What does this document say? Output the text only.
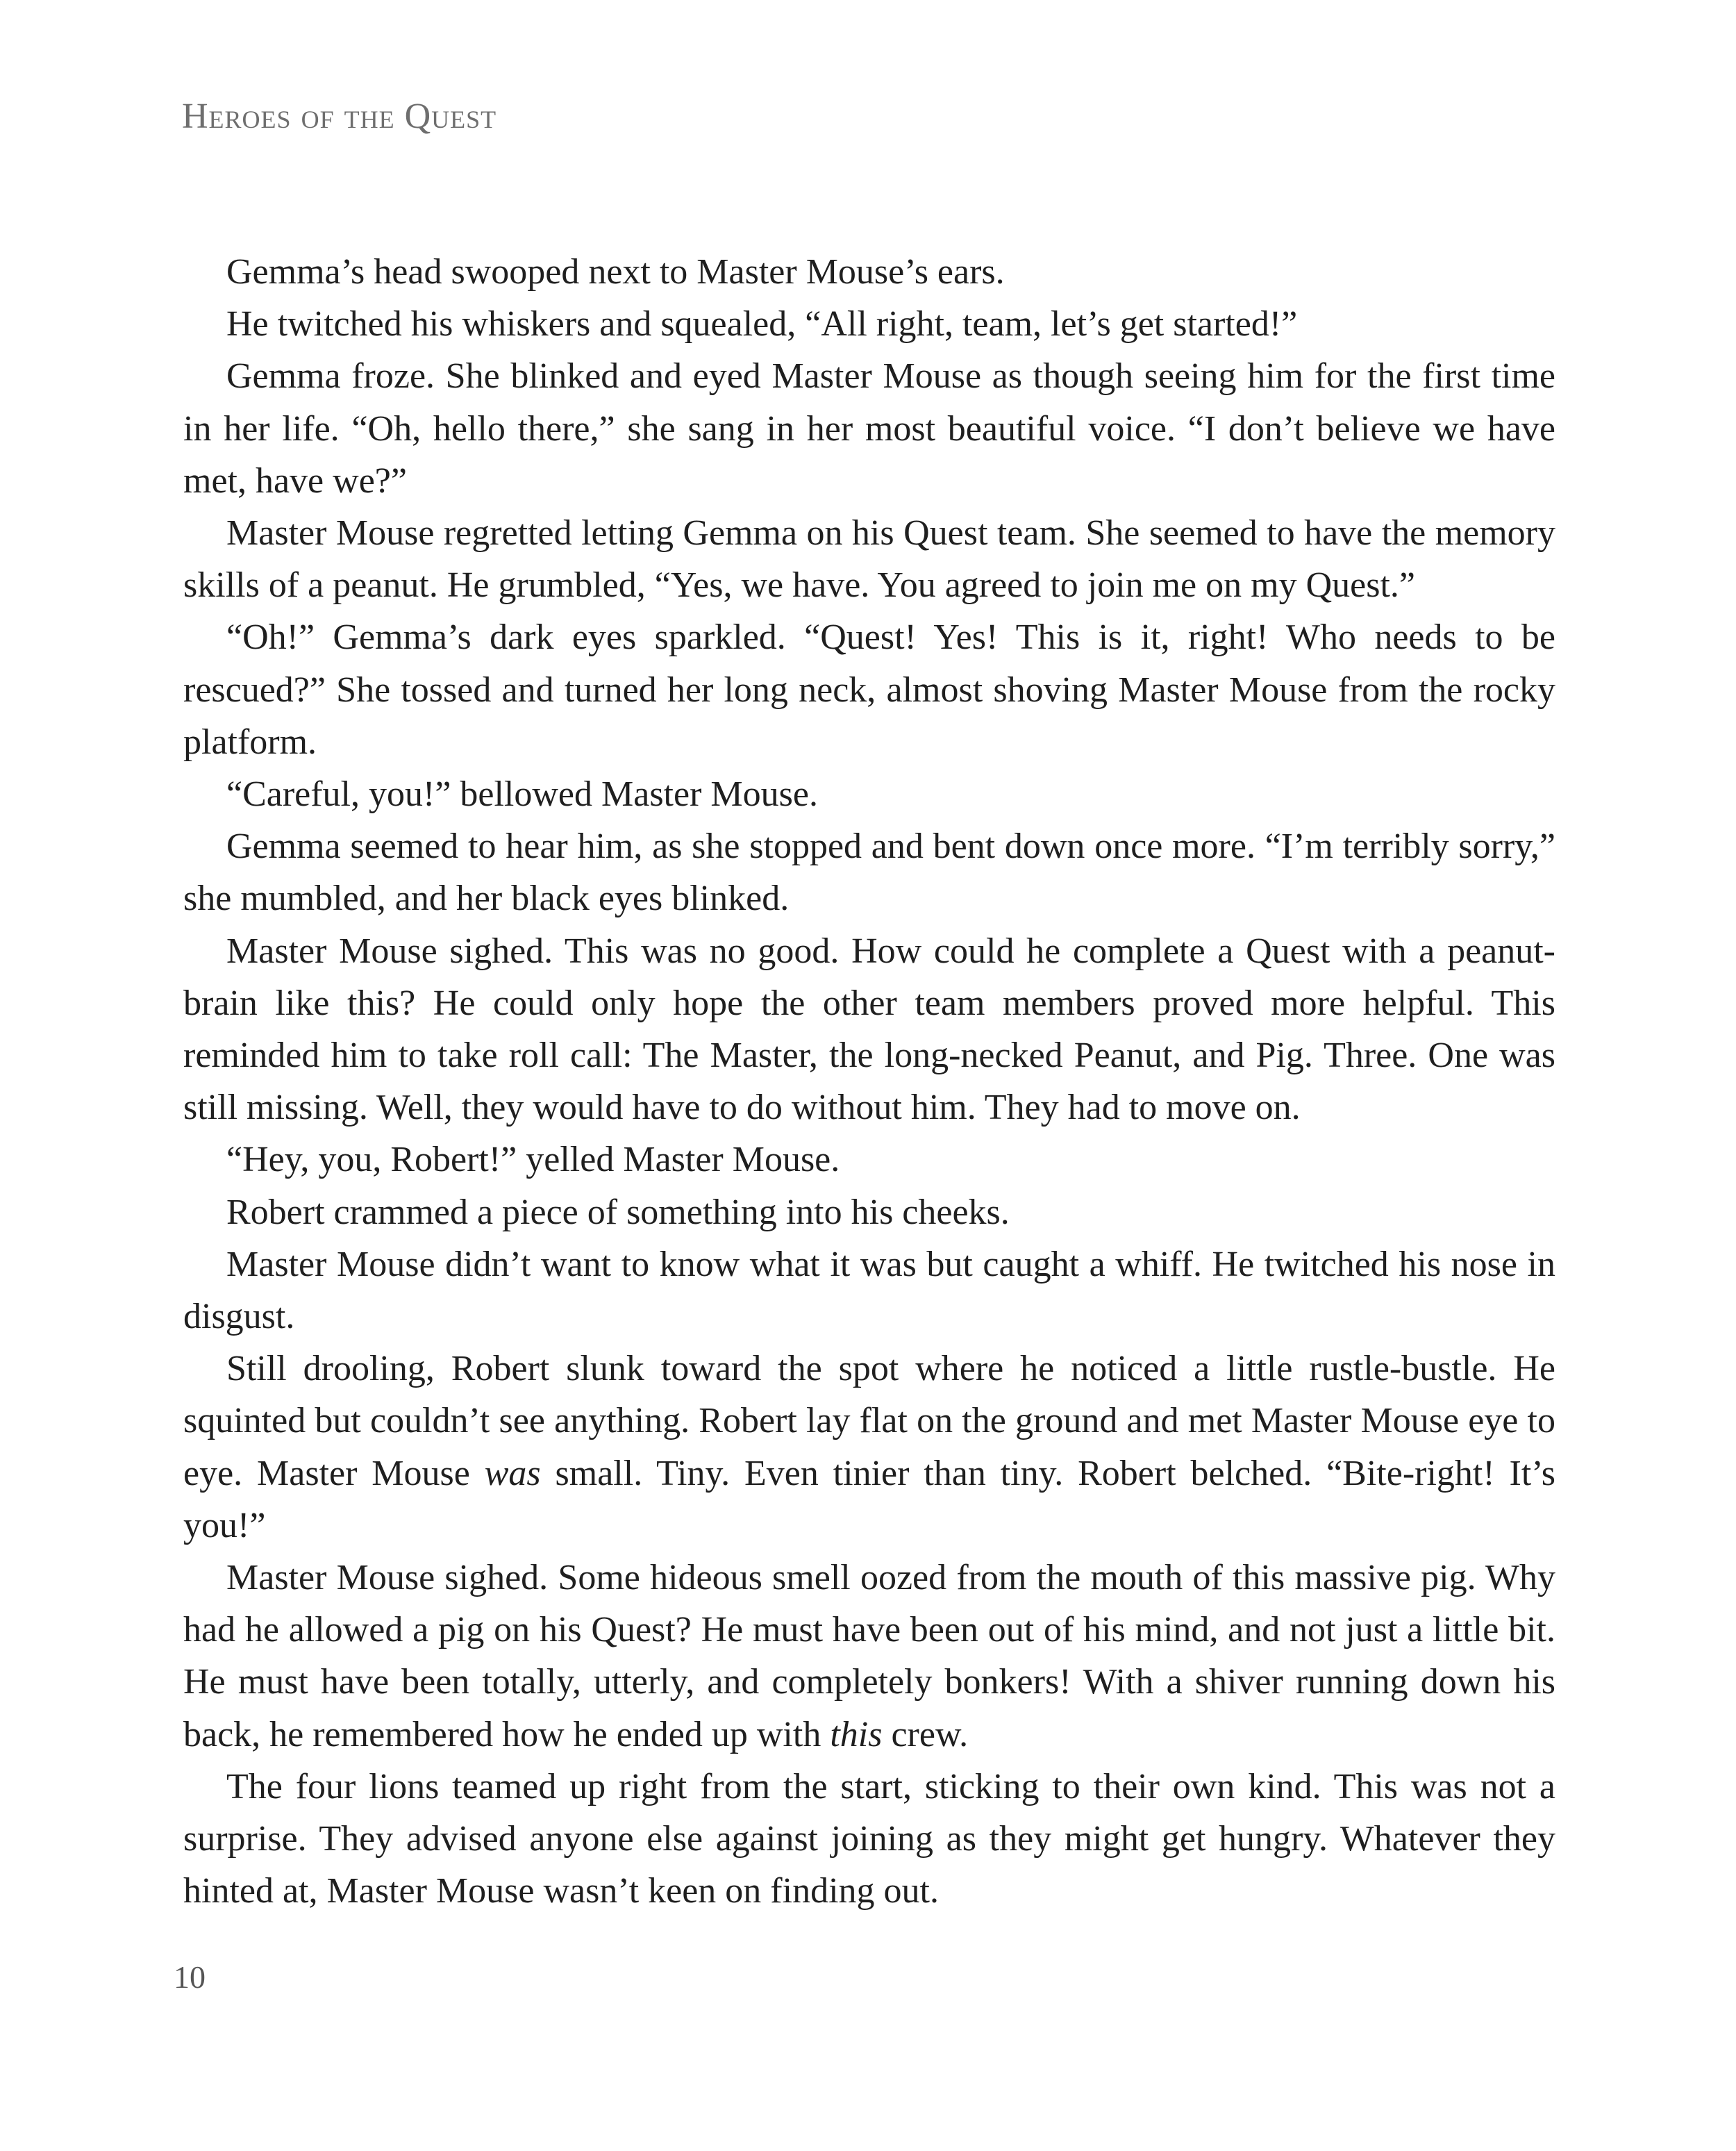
Heroes of the Quest

Gemma’s head swooped next to Master Mouse’s ears.

He twitched his whiskers and squealed, “All right, team, let’s get started!”

Gemma froze. She blinked and eyed Master Mouse as though seeing him for the first time in her life. “Oh, hello there,” she sang in her most beautiful voice. “I don’t believe we have met, have we?”

Master Mouse regretted letting Gemma on his Quest team. She seemed to have the memory skills of a peanut. He grumbled, “Yes, we have. You agreed to join me on my Quest.”

“Oh!” Gemma’s dark eyes sparkled. “Quest! Yes! This is it, right! Who needs to be rescued?” She tossed and turned her long neck, almost shoving Master Mouse from the rocky platform.

“Careful, you!” bellowed Master Mouse.

Gemma seemed to hear him, as she stopped and bent down once more. “I’m terribly sorry,” she mumbled, and her black eyes blinked.

Master Mouse sighed. This was no good. How could he complete a Quest with a peanut-brain like this? He could only hope the other team members proved more helpful. This reminded him to take roll call: The Master, the long-necked Peanut, and Pig. Three. One was still missing. Well, they would have to do without him. They had to move on.

“Hey, you, Robert!” yelled Master Mouse.

Robert crammed a piece of something into his cheeks.

Master Mouse didn’t want to know what it was but caught a whiff. He twitched his nose in disgust.

Still drooling, Robert slunk toward the spot where he noticed a little rustle-bustle. He squinted but couldn’t see anything. Robert lay flat on the ground and met Master Mouse eye to eye. Master Mouse was small. Tiny. Even tinier than tiny. Robert belched. “Bite-right! It’s you!”

Master Mouse sighed. Some hideous smell oozed from the mouth of this massive pig. Why had he allowed a pig on his Quest? He must have been out of his mind, and not just a little bit. He must have been totally, utterly, and completely bonkers! With a shiver running down his back, he remembered how he ended up with this crew.

The four lions teamed up right from the start, sticking to their own kind. This was not a surprise. They advised anyone else against joining as they might get hungry. Whatever they hinted at, Master Mouse wasn’t keen on finding out.

10
